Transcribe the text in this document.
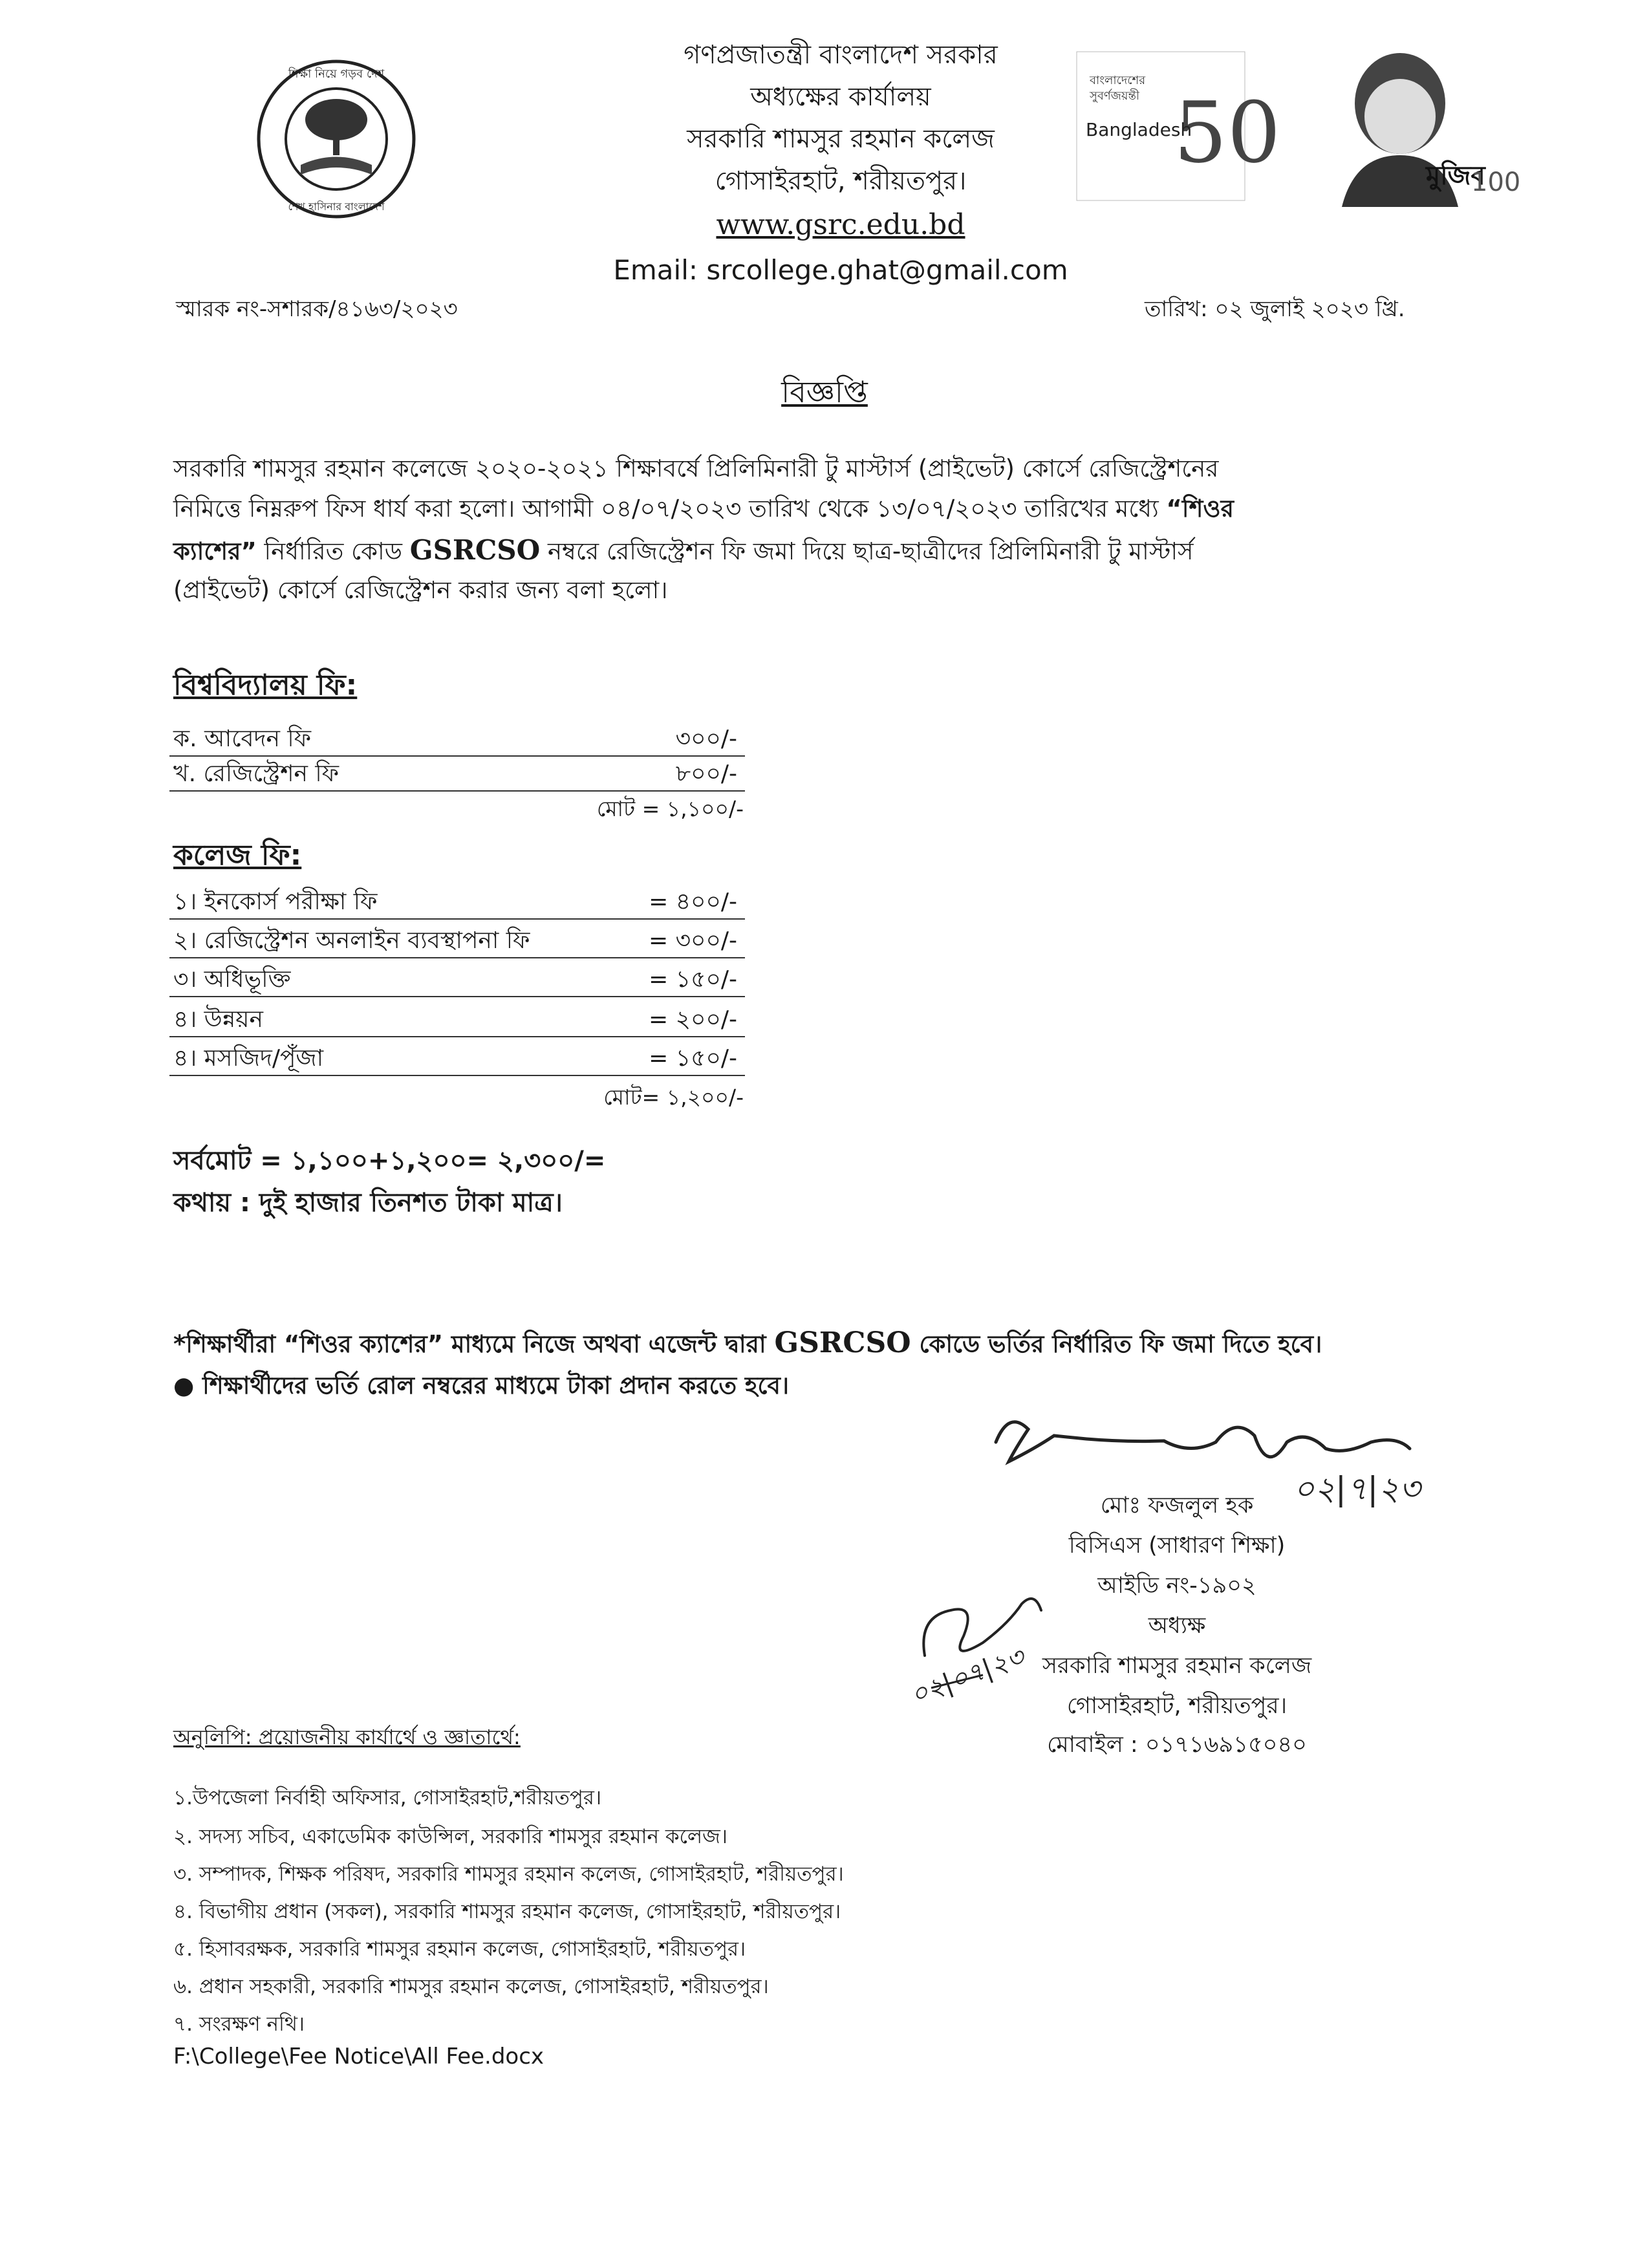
শিক্ষা নিয়ে গড়ব দেশ
শেখ হাসিনার বাংলাদেশ
বাংলাদেশের
সুবর্ণজয়ন্তী 50
Bangladesh
মুজিব
100
গণপ্রজাতন্ত্রী বাংলাদেশ সরকার
অধ্যক্ষের কার্যালয়
সরকারি শামসুর রহমান কলেজ
গোসাইরহাট, শরীয়তপুর।
www.gsrc.edu.bd
Email: srcollege.ghat@gmail.com
স্মারক নং-সশারক/৪১৬৩/২০২৩	তারিখ: ০২ জুলাই ২০২৩ খ্রি.
বিজ্ঞপ্তি
সরকারি শামসুর রহমান কলেজে ২০২০-২০২১ শিক্ষাবর্ষে প্রিলিমিনারী টু মাস্টার্স (প্রাইভেট) কোর্সে রেজিস্ট্রেশনের
নিমিত্তে নিম্নরুপ ফিস ধার্য করা হলো। আগামী ০৪/০৭/২০২৩ তারিখ থেকে ১৩/০৭/২০২৩ তারিখের মধ্যে “শিওর
ক্যাশের” নির্ধারিত কোড GSRCSO নম্বরে রেজিস্ট্রেশন ফি জমা দিয়ে ছাত্র-ছাত্রীদের প্রিলিমিনারী টু মাস্টার্স
(প্রাইভেট) কোর্সে রেজিস্ট্রেশন করার জন্য বলা হলো।
বিশ্ববিদ্যালয় ফি:
ক. আবেদন ফি	৩০০/-
খ. রেজিস্ট্রেশন ফি	৮০০/-
মোট = ১,১০০/-
কলেজ ফি:
১। ইনকোর্স পরীক্ষা ফি	= ৪০০/-
২। রেজিস্ট্রেশন অনলাইন ব্যবস্থাপনা ফি	= ৩০০/-
৩। অধিভূক্তি	= ১৫০/-
৪। উন্নয়ন	= ২০০/-
৪। মসজিদ/পূঁজা	= ১৫০/-
মোট= ১,২০০/-
সর্বমোট = ১,১০০+১,২০০= ২,৩০০/=
কথায় : দুই হাজার তিনশত টাকা মাত্র।
*শিক্ষার্থীরা “শিওর ক্যাশের” মাধ্যমে নিজে অথবা এজেন্ট দ্বারা GSRCSO কোডে ভর্তির নির্ধারিত ফি জমা দিতে হবে।
● শিক্ষার্থীদের ভর্তি রোল নম্বরের মাধ্যমে টাকা প্রদান করতে হবে।
০২|৭|২৩
মোঃ ফজলুল হক
বিসিএস (সাধারণ শিক্ষা)
আইডি নং-১৯০২
অধ্যক্ষ
সরকারি শামসুর রহমান কলেজ
গোসাইরহাট, শরীয়তপুর।
মোবাইল : ০১৭১৬৯১৫০৪০
০২|০৭|২৩
অনুলিপি: প্রয়োজনীয় কার্যার্থে ও জ্ঞাতার্থে:
১.উপজেলা নির্বাহী অফিসার, গোসাইরহাট,শরীয়তপুর।
২. সদস্য সচিব, একাডেমিক কাউন্সিল, সরকারি শামসুর রহমান কলেজ।
৩. সম্পাদক, শিক্ষক পরিষদ, সরকারি শামসুর রহমান কলেজ, গোসাইরহাট, শরীয়তপুর।
৪. বিভাগীয় প্রধান (সকল), সরকারি শামসুর রহমান কলেজ, গোসাইরহাট, শরীয়তপুর।
৫. হিসাবরক্ষক, সরকারি শামসুর রহমান কলেজ, গোসাইরহাট, শরীয়তপুর।
৬. প্রধান সহকারী, সরকারি শামসুর রহমান কলেজ, গোসাইরহাট, শরীয়তপুর।
৭. সংরক্ষণ নথি।
F:\College\Fee Notice\All Fee.docx
